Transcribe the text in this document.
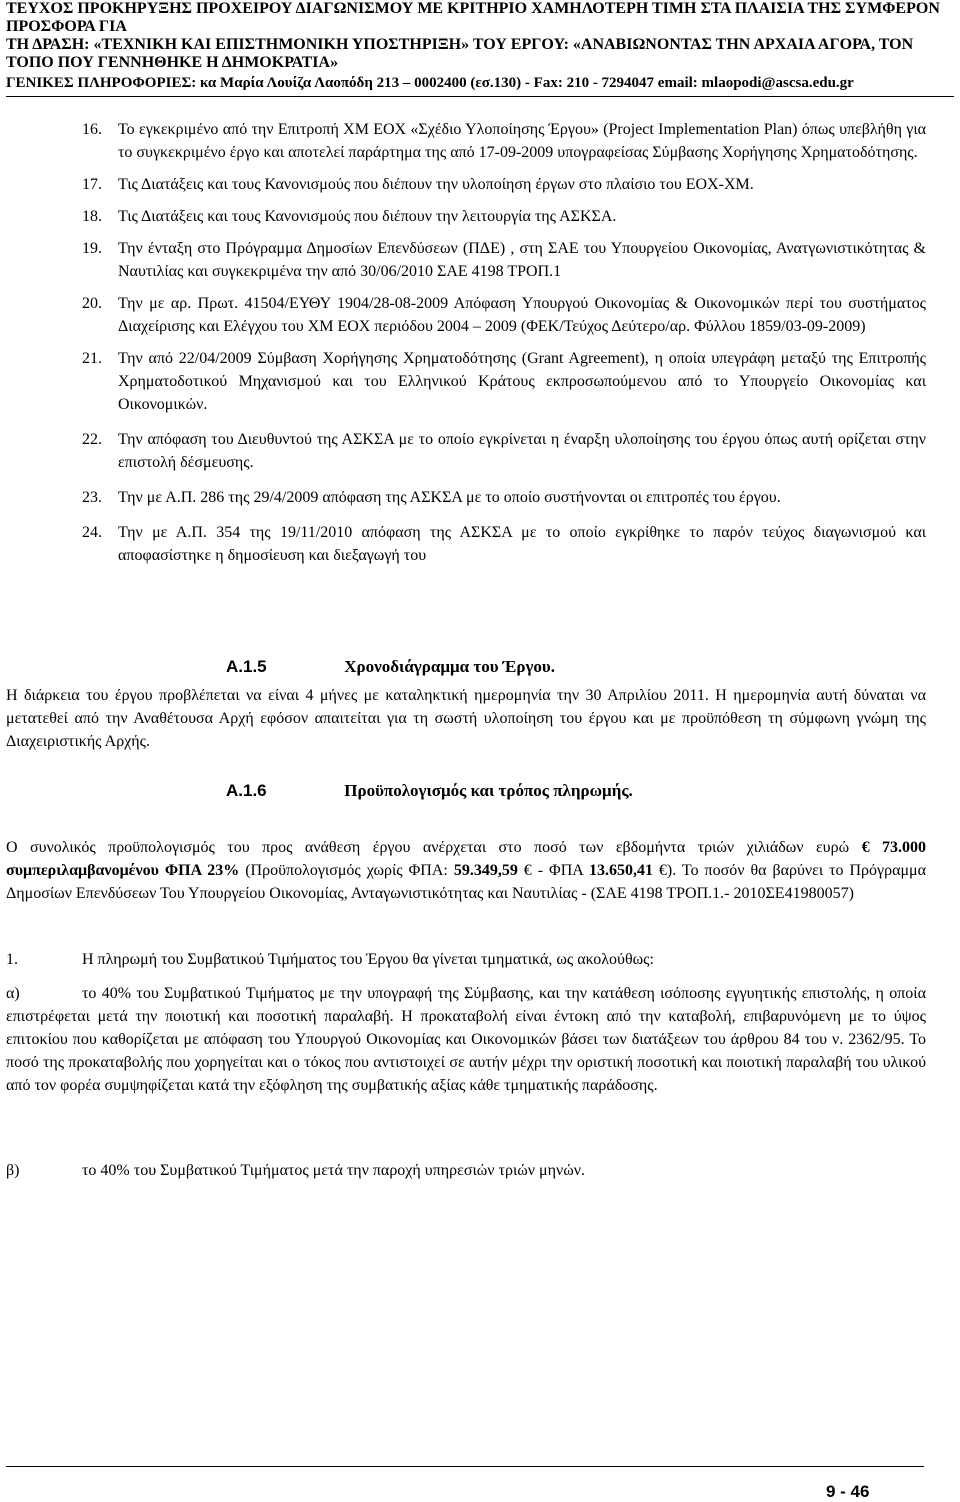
ΤΕΥΧΟΣ ΠΡΟΚΗΡΥΞΗΣ ΠΡΟΧΕΙΡΟΥ ΔΙΑΓΩΝΙΣΜΟΥ ΜΕ ΚΡΙΤΗΡΙΟ ΧΑΜΗΛΟΤΕΡΗ ΤΙΜΗ ΣΤΑ ΠΛΑΙΣΙΑ ΤΗΣ ΣΥΜΦΕΡΟΝ ΠΡΟΣΦΟΡΑ ΓΙΑ
ΤΗ ΔΡΑΣΗ: «ΤΕΧΝΙΚΗ ΚΑΙ ΕΠΙΣΤΗΜΟΝΙΚΗ ΥΠΟΣΤΗΡΙΞΗ» ΤΟΥ ΕΡΓΟΥ: «ΑΝΑΒΙΩΝΟΝΤΑΣ ΤΗΝ ΑΡΧΑΙΑ ΑΓΟΡΑ, ΤΟΝ
ΤΟΠΟ ΠΟΥ ΓΕΝΝΗΘΗΚΕ Η ΔΗΜΟΚΡΑΤΙΑ»
ΓΕΝΙΚΕΣ ΠΛΗΡΟΦΟΡΙΕΣ: κα Μαρία Λουίζα Λαοπόδη 213 – 0002400 (εσ.130) - Fax: 210 - 7294047 email: mlaopodi@ascsa.edu.gr
16. Το εγκεκριμένο από την Επιτροπή ΧΜ ΕΟΧ «Σχέδιο Υλοποίησης Έργου» (Project Implementation Plan) όπως υπεβλήθη για το συγκεκριμένο έργο και αποτελεί παράρτημα της από 17-09-2009 υπογραφείσας Σύμβασης Χορήγησης Χρηματοδότησης.
17. Τις Διατάξεις και τους Κανονισμούς που διέπουν την υλοποίηση έργων στο πλαίσιο του ΕΟΧ-ΧΜ.
18. Τις Διατάξεις και τους Κανονισμούς που διέπουν την λειτουργία της ΑΣΚΣΑ.
19. Την ένταξη στο Πρόγραμμα Δημοσίων Επενδύσεων (ΠΔΕ) , στη ΣΑΕ του Υπουργείου Οικονομίας, Ανατγωνιστικότητας & Ναυτιλίας και συγκεκριμένα την από 30/06/2010 ΣΑΕ 4198 ΤΡΟΠ.1
20. Την με αρ. Πρωτ. 41504/ΕΥΘΥ 1904/28-08-2009 Απόφαση Υπουργού Οικονομίας & Οικονομικών περί του συστήματος Διαχείρισης και Ελέγχου του ΧΜ ΕΟΧ περιόδου 2004 – 2009 (ΦΕΚ/Τεύχος Δεύτερο/αρ. Φύλλου 1859/03-09-2009)
21. Την από 22/04/2009 Σύμβαση Χορήγησης Χρηματοδότησης (Grant Agreement), η οποία υπεγράφη μεταξύ της Επιτροπής Χρηματοδοτικού Μηχανισμού και του Ελληνικού Κράτους εκπροσωπούμενου από το Υπουργείο Οικονομίας και Οικονομικών.
22. Την απόφαση του Διευθυντού της ΑΣΚΣΑ με το οποίο εγκρίνεται η έναρξη υλοποίησης του έργου όπως αυτή ορίζεται στην επιστολή δέσμευσης.
23. Την με Α.Π. 286 της 29/4/2009 απόφαση της ΑΣΚΣΑ με το οποίο συστήνονται οι επιτροπές του έργου.
24. Την με Α.Π. 354 της 19/11/2010 απόφαση της ΑΣΚΣΑ με το οποίο εγκρίθηκε το παρόν τεύχος διαγωνισμού και αποφασίστηκε η δημοσίευση και διεξαγωγή του
Α.1.5	Χρονοδιάγραμμα του Έργου.

Η διάρκεια του έργου προβλέπεται να είναι 4 μήνες με καταληκτική ημερομηνία την 30 Απριλίου 2011. Η ημερομηνία αυτή δύναται να μετατεθεί από την Αναθέτουσα Αρχή εφόσον απαιτείται για τη σωστή υλοποίηση του έργου και με προϋπόθεση τη σύμφωνη γνώμη της Διαχειριστικής Αρχής.

Α.1.6	Προϋπολογισμός και τρόπος πληρωμής.

Ο συνολικός προϋπολογισμός του προς ανάθεση έργου ανέρχεται στο ποσό των εβδομήντα τριών χιλιάδων ευρώ € 73.000 συμπεριλαμβανομένου ΦΠΑ 23% (Προϋπολογισμός χωρίς ΦΠΑ: 59.349,59 € - ΦΠΑ 13.650,41 €). Το ποσόν θα βαρύνει το Πρόγραμμα Δημοσίων Επενδύσεων Του Υπουργείου Οικονομίας, Ανταγωνιστικότητας και Ναυτιλίας - (ΣΑΕ 4198 ΤΡΟΠ.1.- 2010ΣΕ41980057)

1.	Η πληρωμή του Συμβατικού Τιμήματος του Έργου θα γίνεται τμηματικά, ως ακολούθως:

α)	το 40% του Συμβατικού Τιμήματος με την υπογραφή της Σύμβασης, και την κατάθεση ισόποσης εγγυητικής επιστολής, η οποία επιστρέφεται μετά την ποιοτική και ποσοτική παραλαβή. Η προκαταβολή είναι έντοκη από την καταβολή, επιβαρυνόμενη με το ύψος επιτοκίου που καθορίζεται με απόφαση του Υπουργού Οικονομίας και Οικονομικών βάσει των διατάξεων του άρθρου 84 του ν. 2362/95. Το ποσό της προκαταβολής που χορηγείται και ο τόκος που αντιστοιχεί σε αυτήν μέχρι την οριστική ποσοτική και ποιοτική παραλαβή του υλικού από τον φορέα συμψηφίζεται κατά την εξόφληση της συμβατικής αξίας κάθε τμηματικής παράδοσης.

β)	το 40% του Συμβατικού Τιμήματος μετά την παροχή υπηρεσιών τριών μηνών.

9 - 46
